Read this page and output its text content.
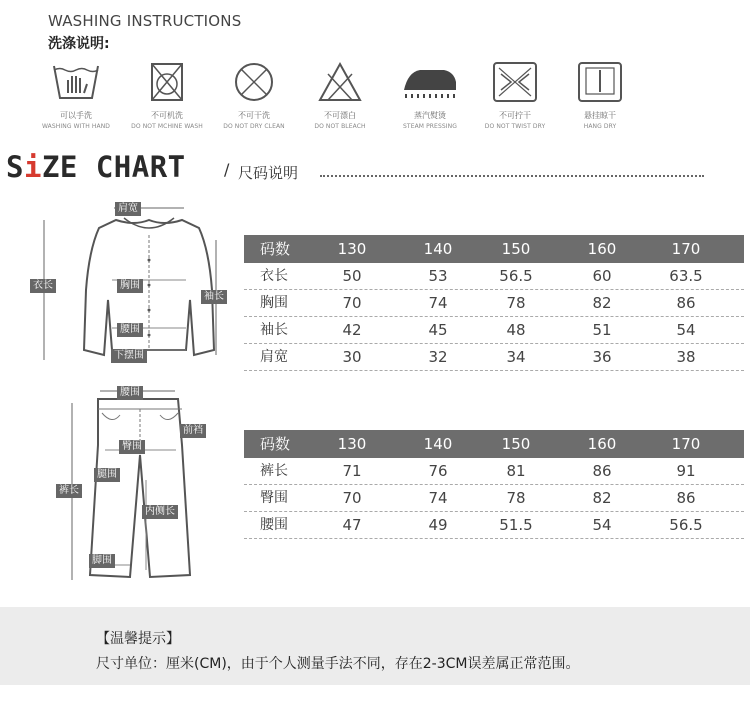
WASHING INSTRUCTIONS
洗涤说明:
可以手洗
WASHING WITH HAND
不可机洗
DO NOT MCHINE WASH
不可干洗
DO NOT DRY CLEAN
不可漂白
DO NOT BLEACH
蒸汽熨烫
STEAM PRESSING
不可拧干
DO NOT TWIST DRY
悬挂晾干
HANG DRY
SiZE CHART / 尺码说明
肩宽
衣长	胸围
袖长
腰围
下摆围
码数	130	140	150	160	170
衣长	50	53	56.5	60	63.5
胸围	70	74	78	82	86
袖长	42	45	48	51	54
肩宽	30	32	34	36	38
腰围
前裆
臀围
腿围
裤长
内侧长
脚围
码数	130	140	150	160	170
裤长	71	76	81	86	91
臀围	70	74	78	82	86
腰围	47	49	51.5	54	56.5
【温馨提示】
尺寸单位：厘米(CM)，由于个人测量手法不同，存在2-3CM误差属正常范围。
